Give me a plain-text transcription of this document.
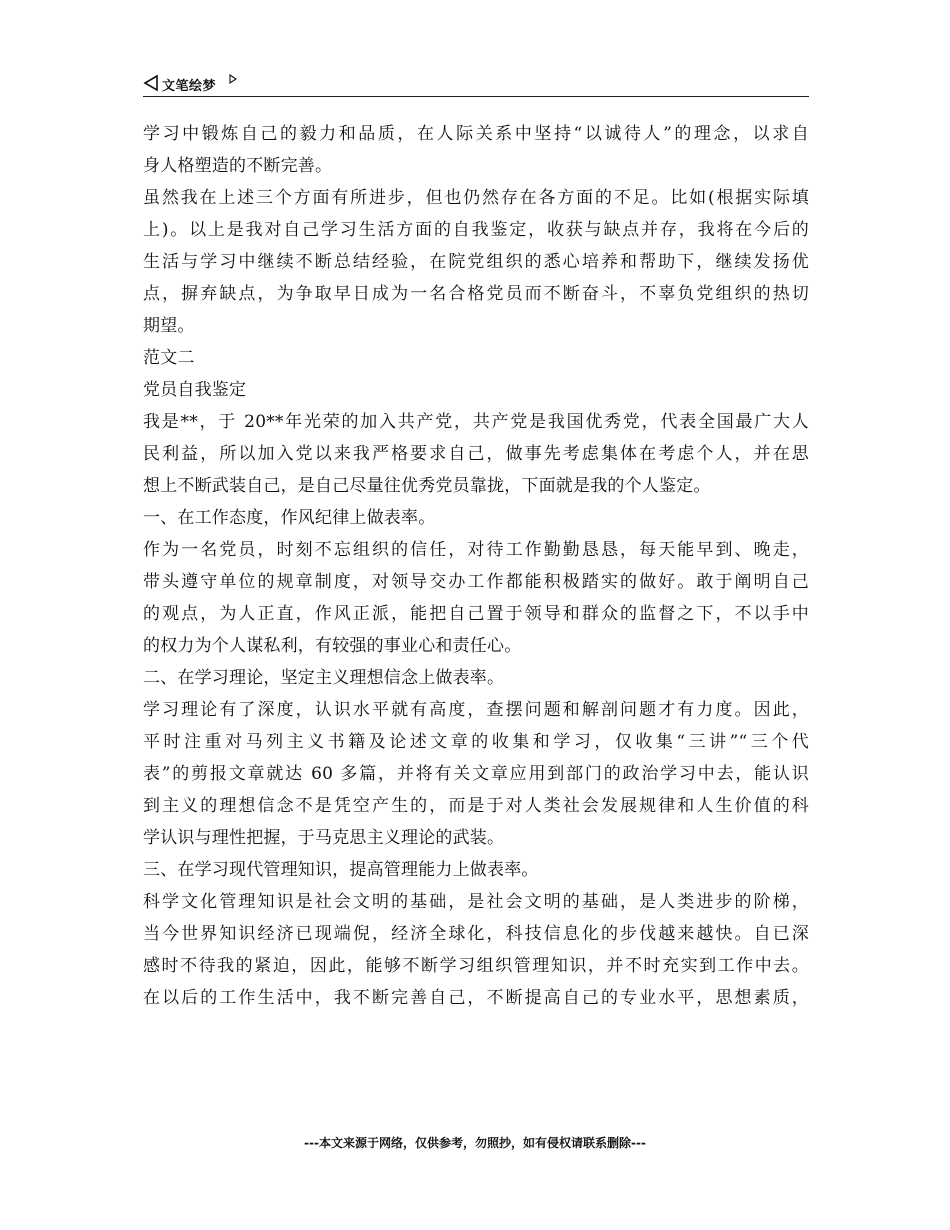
文笔绘梦
学习中锻炼自己的毅力和品质，在人际关系中坚持“以诚待人”的理念，以求自
身人格塑造的不断完善。
虽然我在上述三个方面有所进步，但也仍然存在各方面的不足。比如(根据实际填
上)。以上是我对自己学习生活方面的自我鉴定，收获与缺点并存，我将在今后的
生活与学习中继续不断总结经验，在院党组织的悉心培养和帮助下，继续发扬优
点，摒弃缺点，为争取早日成为一名合格党员而不断奋斗，不辜负党组织的热切
期望。
范文二
党员自我鉴定
我是**，于 20**年光荣的加入共产党，共产党是我国优秀党，代表全国最广大人
民利益，所以加入党以来我严格要求自己，做事先考虑集体在考虑个人，并在思
想上不断武装自己，是自己尽量往优秀党员靠拢，下面就是我的个人鉴定。
一、在工作态度，作风纪律上做表率。
作为一名党员，时刻不忘组织的信任，对待工作勤勤恳恳，每天能早到、晚走，
带头遵守单位的规章制度，对领导交办工作都能积极踏实的做好。敢于阐明自己
的观点，为人正直，作风正派，能把自己置于领导和群众的监督之下，不以手中
的权力为个人谋私利，有较强的事业心和责任心。
二、在学习理论，坚定主义理想信念上做表率。
学习理论有了深度，认识水平就有高度，查摆问题和解剖问题才有力度。因此，
平时注重对马列主义书籍及论述文章的收集和学习，仅收集“三讲”“三个代
表”的剪报文章就达 60 多篇，并将有关文章应用到部门的政治学习中去，能认识
到主义的理想信念不是凭空产生的，而是于对人类社会发展规律和人生价值的科
学认识与理性把握，于马克思主义理论的武装。
三、在学习现代管理知识，提高管理能力上做表率。
科学文化管理知识是社会文明的基础，是社会文明的基础，是人类进步的阶梯，
当今世界知识经济已现端倪，经济全球化，科技信息化的步伐越来越快。自已深
感时不待我的紧迫，因此，能够不断学习组织管理知识，并不时充实到工作中去。
在以后的工作生活中，我不断完善自己，不断提高自己的专业水平，思想素质，
---本文来源于网络，仅供参考，勿照抄，如有侵权请联系删除---
